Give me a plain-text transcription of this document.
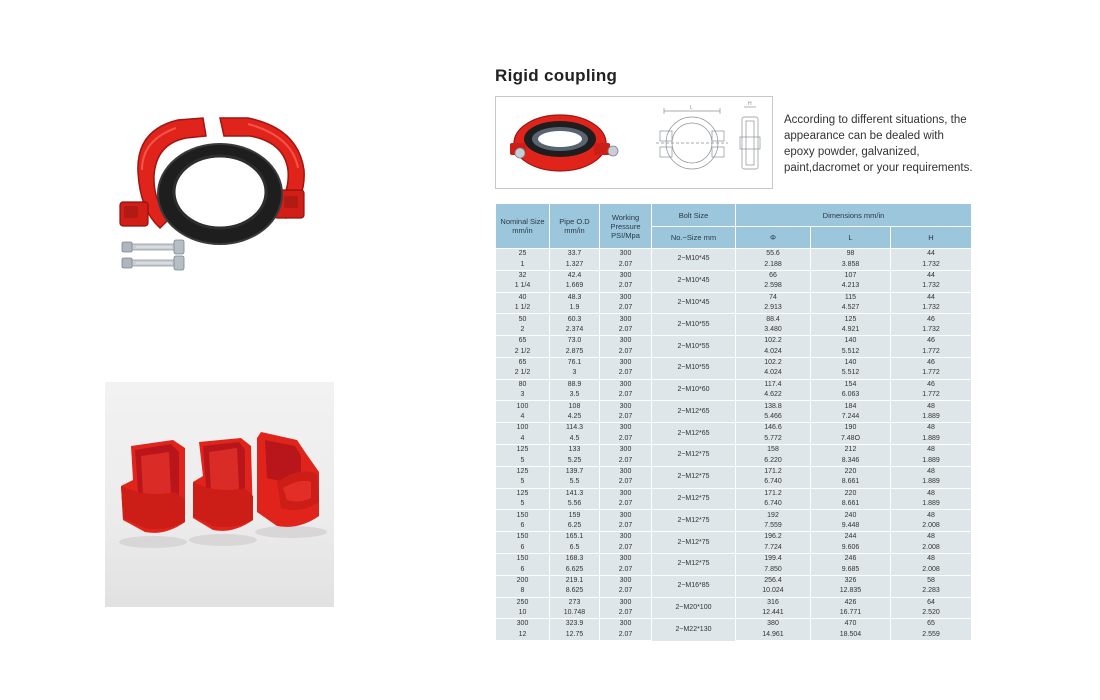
Rigid coupling
L
H

According to different situations, the appearance can be dealed with epoxy powder, galvanized, paint,dacromet or your requirements.

Nominal Size mm/in	Pipe O.D mm/in	Working Pressure PSI/Mpa	Bolt Size	Dimensions mm/in		
			No.~Size mm	Φ	L	H
25	33.7	300	2~M10*45	55.6	98	44
1	1.327	2.07		2.188	3.858	1.732
32	42.4	300	2~M10*45	66	107	44
1 1/4	1.669	2.07		2.598	4.213	1.732
40	48.3	300	2~M10*45	74	115	44
1 1/2	1.9	2.07		2.913	4.527	1.732
50	60.3	300	2~M10*55	88.4	125	46
2	2.374	2.07		3.480	4.921	1.732
65	73.0	300	2~M10*55	102.2	140	46
2 1/2	2.875	2.07		4.024	5.512	1.772
65	76.1	300	2~M10*55	102.2	140	46
2 1/2	3	2.07		4.024	5.512	1.772
80	88.9	300	2~M10*60	117.4	154	46
3	3.5	2.07		4.622	6.063	1.772
100	108	300	2~M12*65	138.8	184	48
4	4.25	2.07		5.466	7.244	1.889
100	114.3	300	2~M12*65	146.6	190	48
4	4.5	2.07		5.772	7.48O	1.889
125	133	300	2~M12*75	158	212	48
5	5.25	2.07		6.220	8.346	1.889
125	139.7	300	2~M12*75	171.2	220	48
5	5.5	2.07		6.740	8.661	1.889
125	141.3	300	2~M12*75	171.2	220	48
5	5.56	2.07		6.740	8.661	1.889
150	159	300	2~M12*75	192	240	48
6	6.25	2.07		7.559	9.448	2.008
150	165.1	300	2~M12*75	196.2	244	48
6	6.5	2.07		7.724	9.606	2.008
150	168.3	300	2~M12*75	199.4	246	48
6	6.625	2.07		7.850	9.685	2.008
200	219.1	300	2~M16*85	256.4	326	58
8	8.625	2.07		10.024	12.835	2.283
250	273	300	2~M20*100	316	426	64
10	10.748	2.07		12.441	16.771	2.520
300	323.9	300	2~M22*130	380	470	65
12	12.75	2.07		14.961	18.504	2.559
